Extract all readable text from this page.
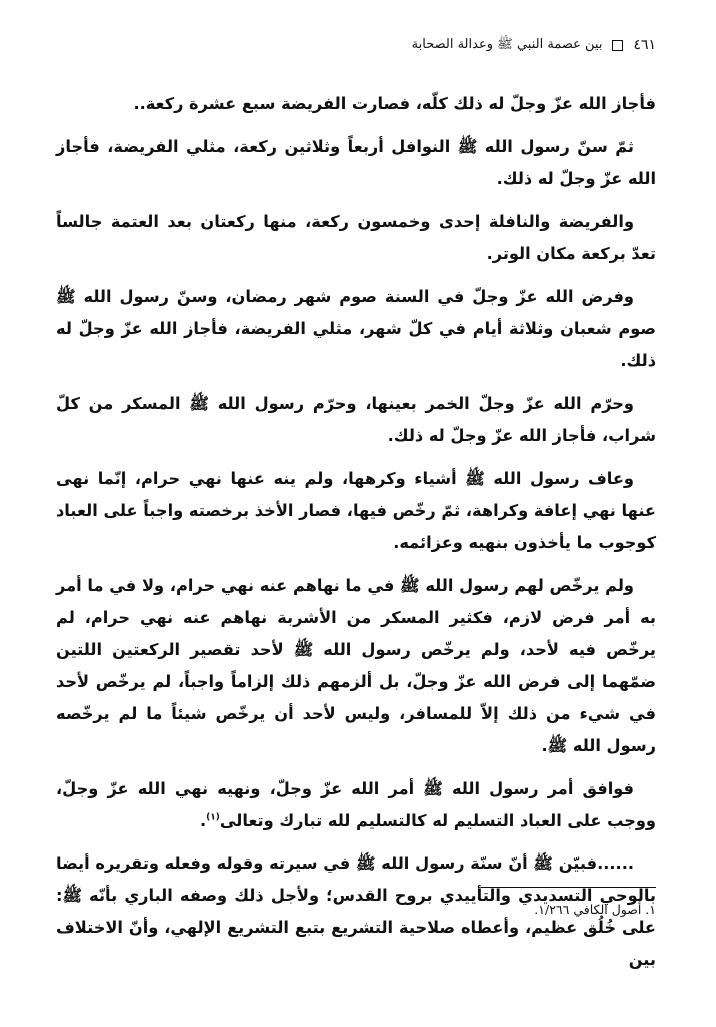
٤٦١
بين عصمة النبي ﷺ وعدالة الصحابة

فأجاز الله عزّ وجلّ له ذلك كلّه، فصارت الفريضة سبع عشرة ركعة..

ثمّ سنّ رسول الله ﷺ النوافل أربعاً وثلاثين ركعة، مثلي الفريضة، فأجاز الله عزّ وجلّ له ذلك.

والفريضة والنافلة إحدى وخمسون ركعة، منها ركعتان بعد العتمة جالساً تعدّ بركعة مكان الوتر.

وفرض الله عزّ وجلّ في السنة صوم شهر رمضان، وسنّ رسول الله ﷺ صوم شعبان وثلاثة أيام في كلّ شهر، مثلي الفريضة، فأجاز الله عزّ وجلّ له ذلك.

وحرّم الله عزّ وجلّ الخمر بعينها، وحرّم رسول الله ﷺ المسكر من كلّ شراب، فأجاز الله عزّ وجلّ له ذلك.

وعاف رسول الله ﷺ أشياء وكرهها، ولم ينه عنها نهي حرام، إنّما نهى عنها نهي إعافة وكراهة، ثمّ رخّص فيها، فصار الأخذ برخصته واجباً على العباد كوجوب ما يأخذون بنهيه وعزائمه.

ولم يرخّص لهم رسول الله ﷺ في ما نهاهم عنه نهي حرام، ولا في ما أمر به أمر فرض لازم، فكثير المسكر من الأشربة نهاهم عنه نهي حرام، لم يرخّص فيه لأحد، ولم يرخّص رسول الله ﷺ لأحد تقصير الركعتين اللتين ضمّهما إلى فرض الله عزّ وجلّ، بل ألزمهم ذلك إلزاماً واجباً، لم يرخّص لأحد في شيء من ذلك إلاّ للمسافر، وليس لأحد أن يرخّص شيئاً ما لم يرخّصه رسول الله ﷺ.

فوافق أمر رسول الله ﷺ أمر الله عزّ وجلّ، ونهيه نهي الله عزّ وجلّ، ووجب على العباد التسليم له كالتسليم لله تبارك وتعالى$^{(١)}$.

......فبيّن ﷺ أنّ سنّة رسول الله ﷺ في سيرته وقوله وفعله وتقريره أيضا بالوحي التسديدي والتأييدي بروح القدس؛ ولأجل ذلك وصفه الباري بأنّه ﷺ: على خُلُق عظيم، وأعطاه صلاحية التشريع بتبع التشريع الإلهي، وأنّ الاختلاف بين

١. أصول الكافي ١/٢٦٦.
